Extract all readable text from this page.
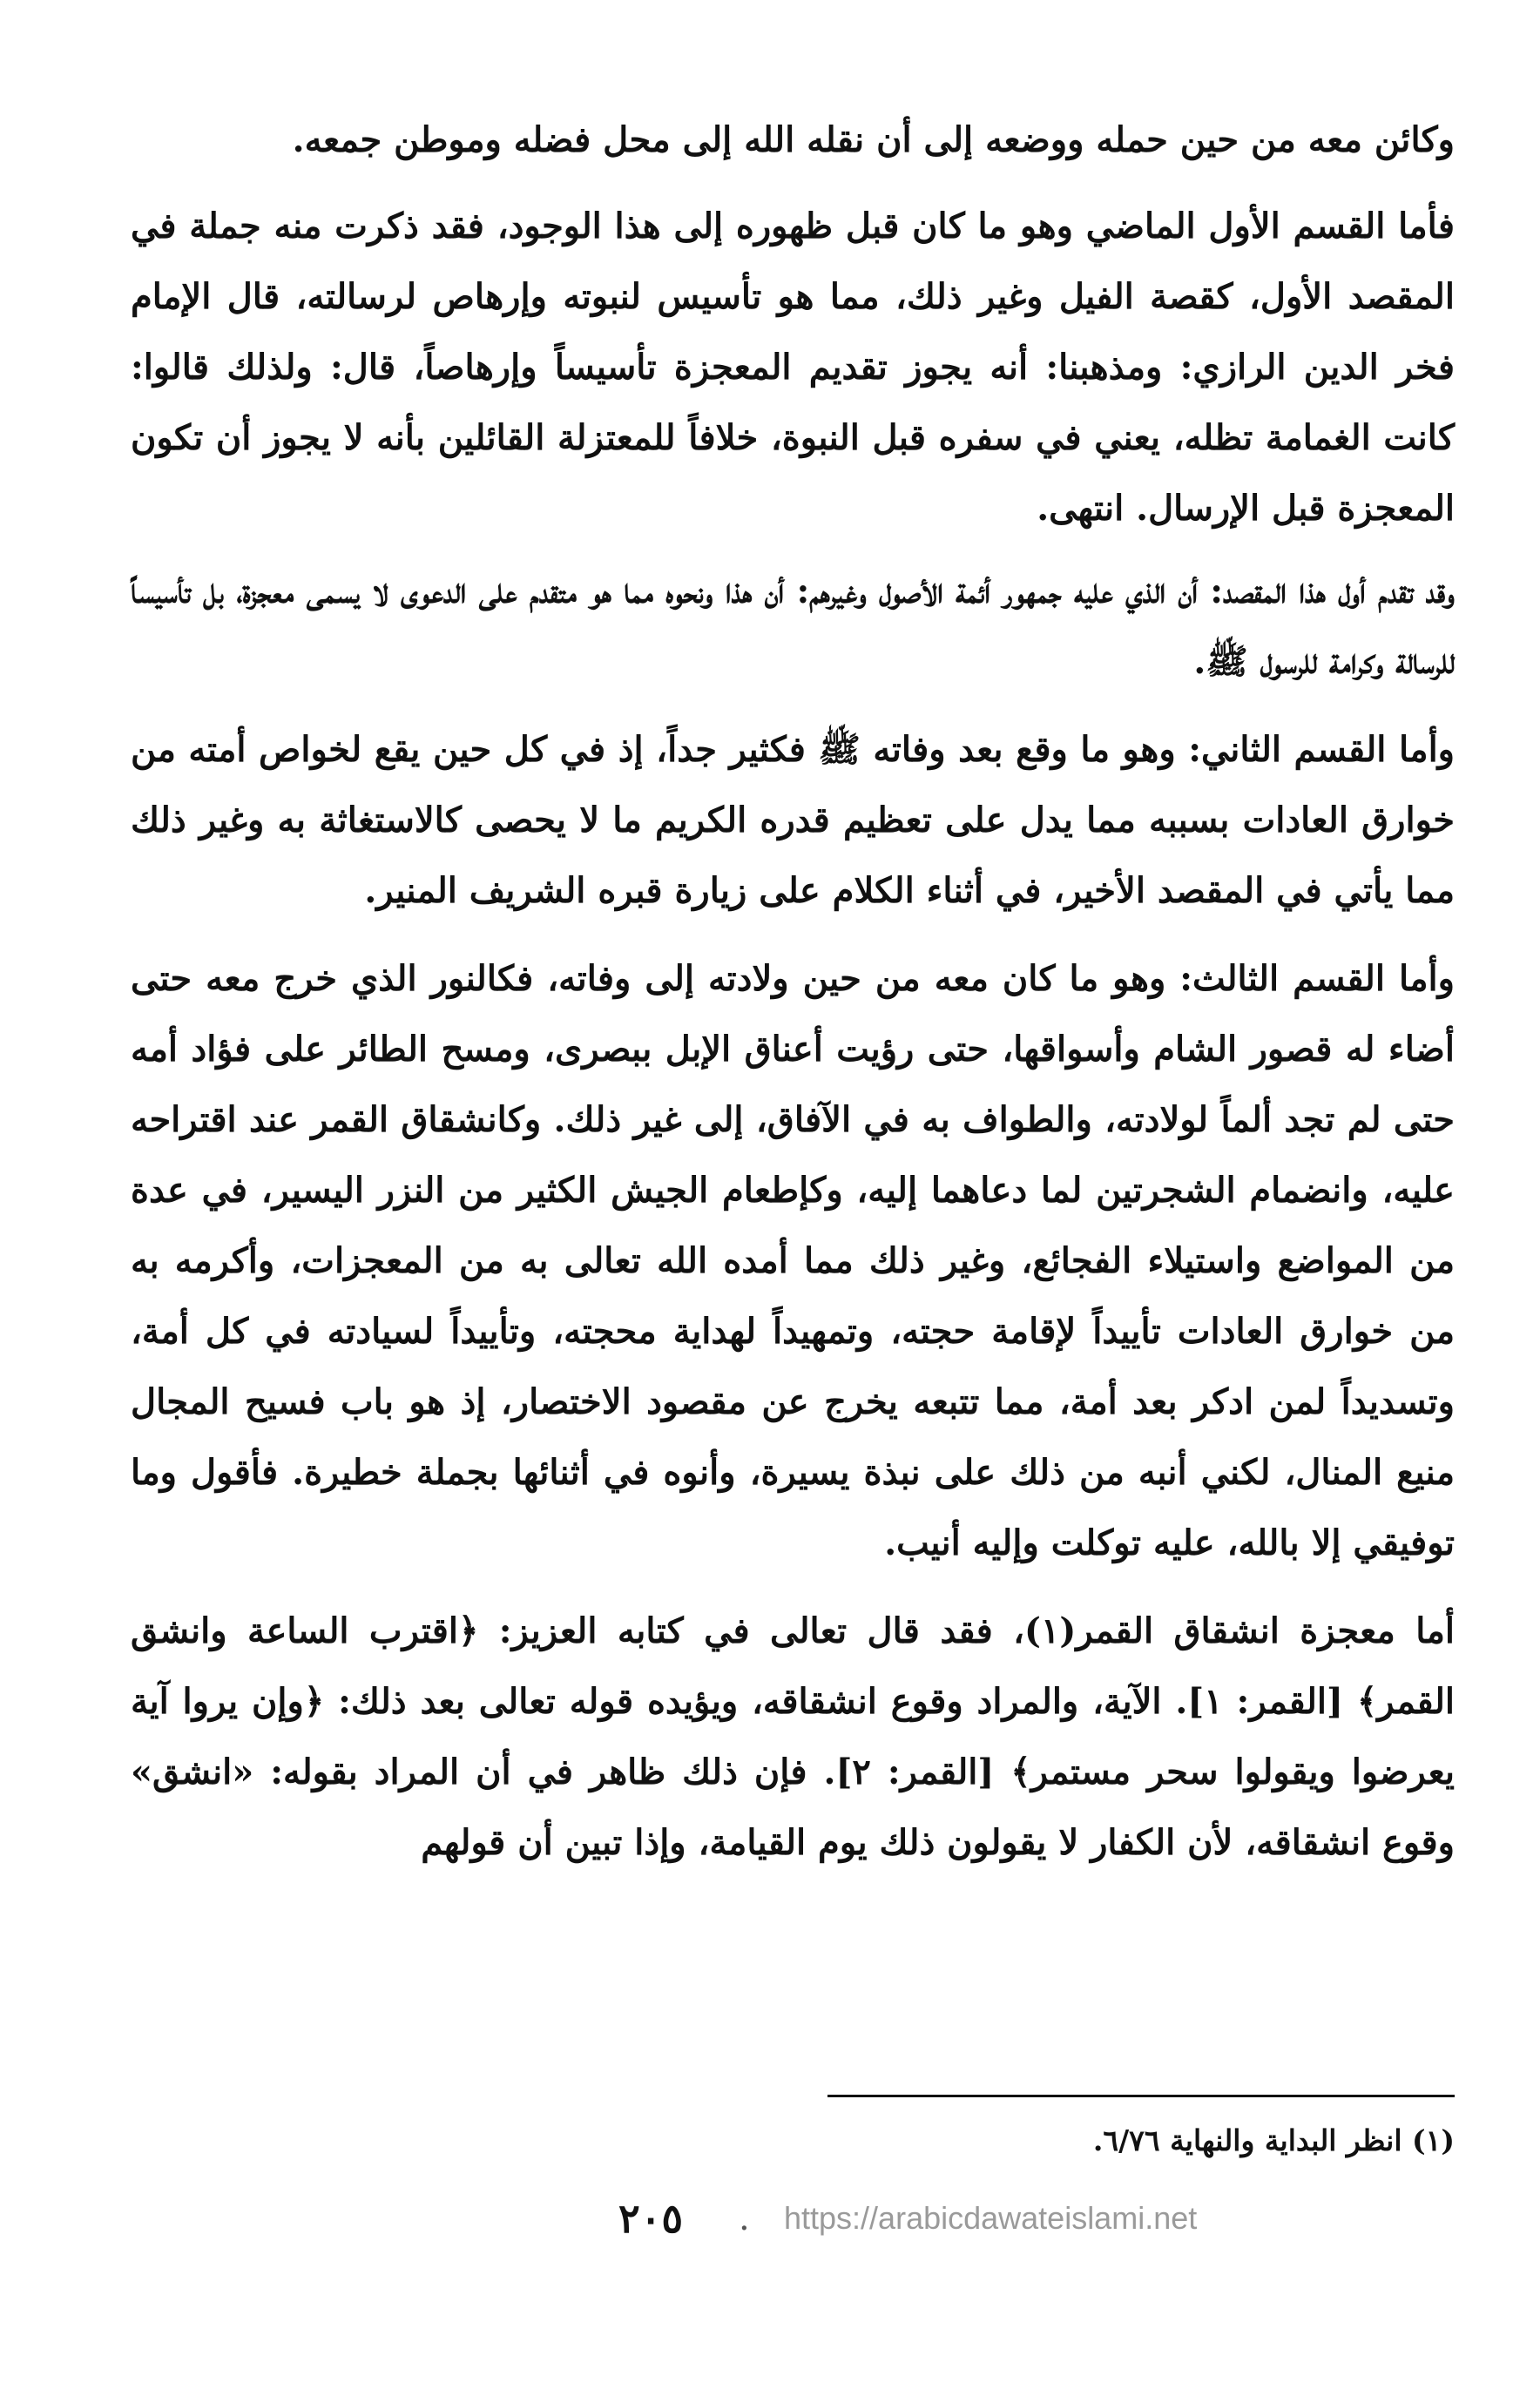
وكائن معه من حين حمله ووضعه إلى أن نقله الله إلى محل فضله وموطن جمعه.

فأما القسم الأول الماضي وهو ما كان قبل ظهوره إلى هذا الوجود، فقد ذكرت منه جملة في المقصد الأول، كقصة الفيل وغير ذلك، مما هو تأسيس لنبوته وإرهاص لرسالته، قال الإمام فخر الدين الرازي: ومذهبنا: أنه يجوز تقديم المعجزة تأسيساً وإرهاصاً، قال: ولذلك قالوا: كانت الغمامة تظله، يعني في سفره قبل النبوة، خلافاً للمعتزلة القائلين بأنه لا يجوز أن تكون المعجزة قبل الإرسال. انتهى.

وقد تقدم أول هذا المقصد: أن الذي عليه جمهور أئمة الأصول وغيرهم: أن هذا ونحوه مما هو متقدم على الدعوى لا يسمى معجزة، بل تأسيساً للرسالة وكرامة للرسول ﷺ.

وأما القسم الثاني: وهو ما وقع بعد وفاته ﷺ فكثير جداً، إذ في كل حين يقع لخواص أمته من خوارق العادات بسببه مما يدل على تعظيم قدره الكريم ما لا يحصى كالاستغاثة به وغير ذلك مما يأتي في المقصد الأخير، في أثناء الكلام على زيارة قبره الشريف المنير.

وأما القسم الثالث: وهو ما كان معه من حين ولادته إلى وفاته، فكالنور الذي خرج معه حتى أضاء له قصور الشام وأسواقها، حتى رؤيت أعناق الإبل ببصرى، ومسح الطائر على فؤاد أمه حتى لم تجد ألماً لولادته، والطواف به في الآفاق، إلى غير ذلك. وكانشقاق القمر عند اقتراحه عليه، وانضمام الشجرتين لما دعاهما إليه، وكإطعام الجيش الكثير من النزر اليسير، في عدة من المواضع واستيلاء الفجائع، وغير ذلك مما أمده الله تعالى به من المعجزات، وأكرمه به من خوارق العادات تأييداً لإقامة حجته، وتمهيداً لهداية محجته، وتأييداً لسيادته في كل أمة، وتسديداً لمن ادكر بعد أمة، مما تتبعه يخرج عن مقصود الاختصار، إذ هو باب فسيح المجال منيع المنال، لكني أنبه من ذلك على نبذة يسيرة، وأنوه في أثنائها بجملة خطيرة. فأقول وما توفيقي إلا بالله، عليه توكلت وإليه أنيب.

أما معجزة انشقاق القمر(١)، فقد قال تعالى في كتابه العزيز: ﴿اقترب الساعة وانشق القمر﴾ [القمر: ١]. الآية، والمراد وقوع انشقاقه، ويؤيده قوله تعالى بعد ذلك: ﴿وإن يروا آية يعرضوا ويقولوا سحر مستمر﴾ [القمر: ٢]. فإن ذلك ظاهر في أن المراد بقوله: «انشق» وقوع انشقاقه، لأن الكفار لا يقولون ذلك يوم القيامة، وإذا تبين أن قولهم

(١) انظر البداية والنهاية ٦/٧٦.
٢٠٥ . https://arabicdawateislami.net
